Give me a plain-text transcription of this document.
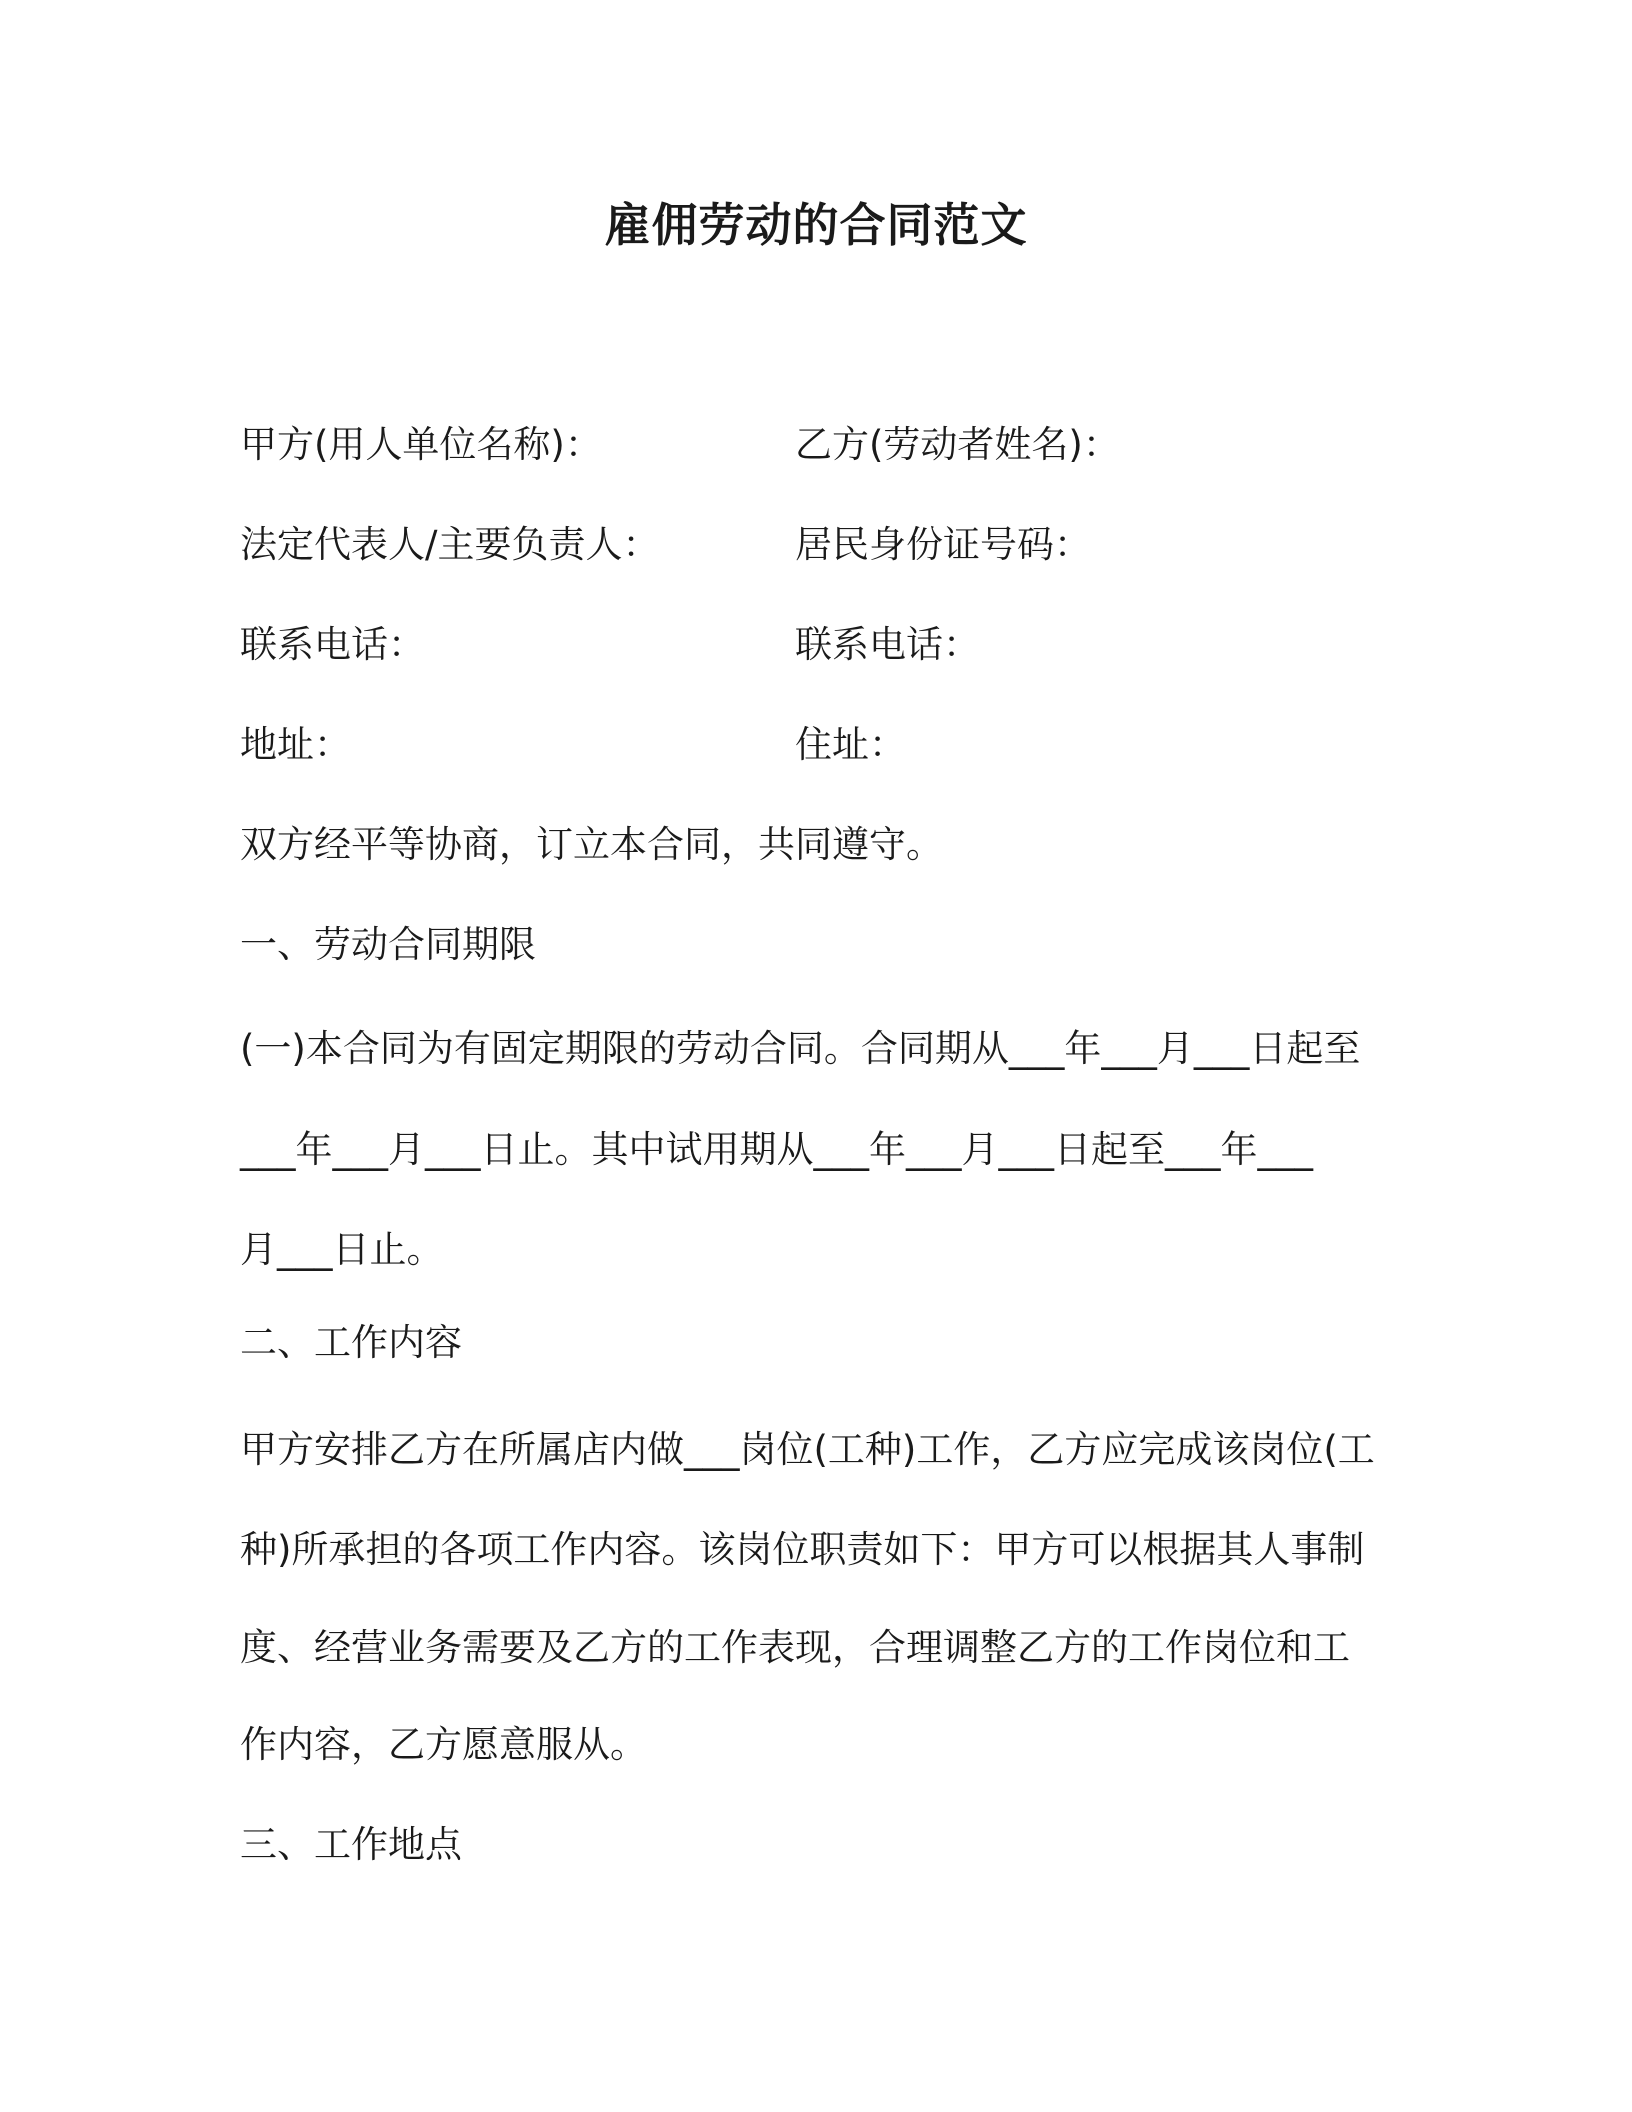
雇佣劳动的合同范文
甲方(用人单位名称)：	乙方(劳动者姓名)：
法定代表人/主要负责人：	居民身份证号码：
联系电话：	联系电话：
地址：	住址：
双方经平等协商，订立本合同，共同遵守。
一、劳动合同期限
(一)本合同为有固定期限的劳动合同。合同期从___年___月___日起至
___年___月___日止。其中试用期从___年___月___日起至___年___
月___日止。
二、工作内容
甲方安排乙方在所属店内做___岗位(工种)工作，乙方应完成该岗位(工
种)所承担的各项工作内容。该岗位职责如下：甲方可以根据其人事制
度、经营业务需要及乙方的工作表现，合理调整乙方的工作岗位和工
作内容，乙方愿意服从。
三、工作地点
